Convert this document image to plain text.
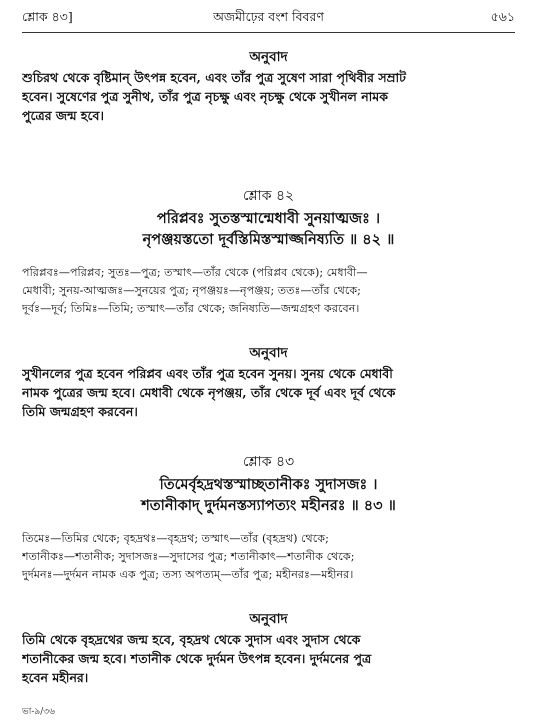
শ্লোক ৪৩]	অজমীঢ়ের বংশ বিবরণ	৫৬১
অনুবাদ
শুচিরথ থেকে বৃষ্টিমান্ উৎপন্ন হবেন, এবং তাঁর পুত্র সুষেণ সারা পৃথিবীর সম্রাট
হবেন। সুষেণের পুত্র সুনীথ, তাঁর পুত্র নৃচক্ষু এবং নৃচক্ষু থেকে সুখীনল নামক
পুত্রের জন্ম হবে।
শ্লোক ৪২
পরিপ্লবঃ সুতস্তস্মান্মেধাবী সুনয়াত্মজঃ ।
নৃপঞ্জয়স্ততো দূর্বস্তিমিস্তস্মাজ্জনিষ্যতি ॥ ৪২ ॥
পরিপ্লবঃ—পরিপ্লব; সুতঃ—পুত্র; তস্মাৎ—তাঁর থেকে (পরিপ্লব থেকে); মেধাবী—
মেধাবী; সুনয়-আত্মজঃ—সুনয়ের পুত্র; নৃপঞ্জয়ঃ—নৃপঞ্জয়; ততঃ—তাঁর থেকে;
দূর্বঃ—দূর্ব; তিমিঃ—তিমি; তস্মাৎ—তাঁর থেকে; জনিষ্যতি—জন্মগ্রহণ করবেন।
অনুবাদ
সুখীনলের পুত্র হবেন পরিপ্লব এবং তাঁর পুত্র হবেন সুনয়। সুনয় থেকে মেধাবী
নামক পুত্রের জন্ম হবে। মেধাবী থেকে নৃপঞ্জয়, তাঁর থেকে দূর্ব এবং দূর্ব থেকে
তিমি জন্মগ্রহণ করবেন।
শ্লোক ৪৩
তিমের্বৃহদ্রথস্তস্মাচ্ছতানীকঃ সুদাসজঃ ।
শতানীকাদ্ দুর্দমনস্তস্যাপত্যং মহীনরঃ ॥ ৪৩ ॥
তিমেঃ—তিমির থেকে; বৃহদ্রথঃ—বৃহদ্রথ; তস্মাৎ—তাঁর (বৃহদ্রথ) থেকে;
শতানীকঃ—শতানীক; সুদাসজঃ—সুদাসের পুত্র; শতানীকাৎ—শতানীক থেকে;
দুর্দমনঃ—দুর্দমন নামক এক পুত্র; তস্য অপত্যম্—তাঁর পুত্র; মহীনরঃ—মহীনর।
অনুবাদ
তিমি থেকে বৃহদ্রথের জন্ম হবে, বৃহদ্রথ থেকে সুদাস এবং সুদাস থেকে
শতানীকের জন্ম হবে। শতানীক থেকে দুর্দমন উৎপন্ন হবেন। দুর্দমনের পুত্র
হবেন মহীনর।
ভা-৯/৩৬
